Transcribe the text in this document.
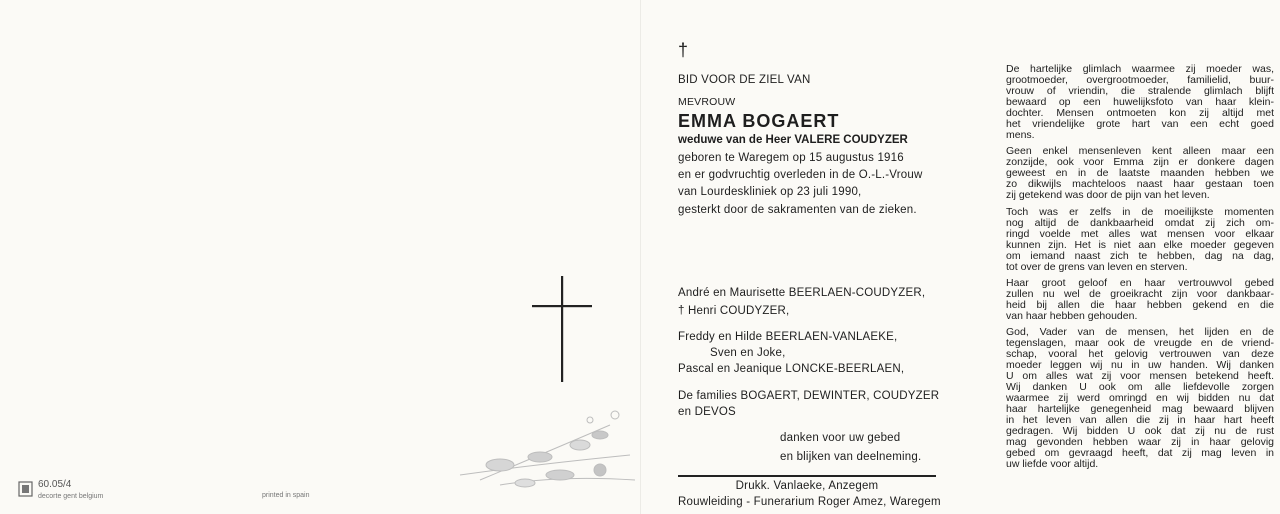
60.05/4
decorte gent belgium	printed in spain
†
BID VOOR DE ZIEL VAN
MEVROUW
EMMA BOGAERT
weduwe van de Heer VALERE COUDYZER
geboren te Waregem op 15 augustus 1916
en er godvruchtig overleden in de O.-L.-Vrouw
van Lourdeskliniek op 23 juli 1990,
gesterkt door de sakramenten van de zieken.
André en Maurisette BEERLAEN-COUDYZER,
† Henri COUDYZER,
Freddy en Hilde BEERLAEN-VANLAEKE,
Sven en Joke,
Pascal en Jeanique LONCKE-BEERLAEN,
De families BOGAERT, DEWINTER, COUDYZER
en DEVOS
danken voor uw gebed
en blijken van deelneming.
Drukk. Vanlaeke, Anzegem
Rouwleiding - Funerarium Roger Amez, Waregem
De hartelijke glimlach waarmee zij moeder was,
grootmoeder, overgrootmoeder, familielid, buur-
vrouw of vriendin, die stralende glimlach blijft
bewaard op een huwelijksfoto van haar klein-
dochter. Mensen ontmoeten kon zij altijd met
het vriendelijke grote hart van een echt goed
mens.
Geen enkel mensenleven kent alleen maar een
zonzijde, ook voor Emma zijn er donkere dagen
geweest en in de laatste maanden hebben we
zo dikwijls machteloos naast haar gestaan toen
zij getekend was door de pijn van het leven.
Toch was er zelfs in de moeilijkste momenten
nog altijd de dankbaarheid omdat zij zich om-
ringd voelde met alles wat mensen voor elkaar
kunnen zijn. Het is niet aan elke moeder gegeven
om iemand naast zich te hebben, dag na dag,
tot over de grens van leven en sterven.
Haar groot geloof en haar vertrouwvol gebed
zullen nu wel de groeikracht zijn voor dankbaar-
heid bij allen die haar hebben gekend en die
van haar hebben gehouden.
God, Vader van de mensen, het lijden en de
tegenslagen, maar ook de vreugde en de vriend-
schap, vooral het gelovig vertrouwen van deze
moeder leggen wij nu in uw handen. Wij danken
U om alles wat zij voor mensen betekend heeft.
Wij danken U ook om alle liefdevolle zorgen
waarmee zij werd omringd en wij bidden nu dat
haar hartelijke genegenheid mag bewaard blijven
in het leven van allen die zij in haar hart heeft
gedragen. Wij bidden U ook dat zij nu de rust
mag gevonden hebben waar zij in haar gelovig
gebed om gevraagd heeft, dat zij mag leven in
uw liefde voor altijd.
